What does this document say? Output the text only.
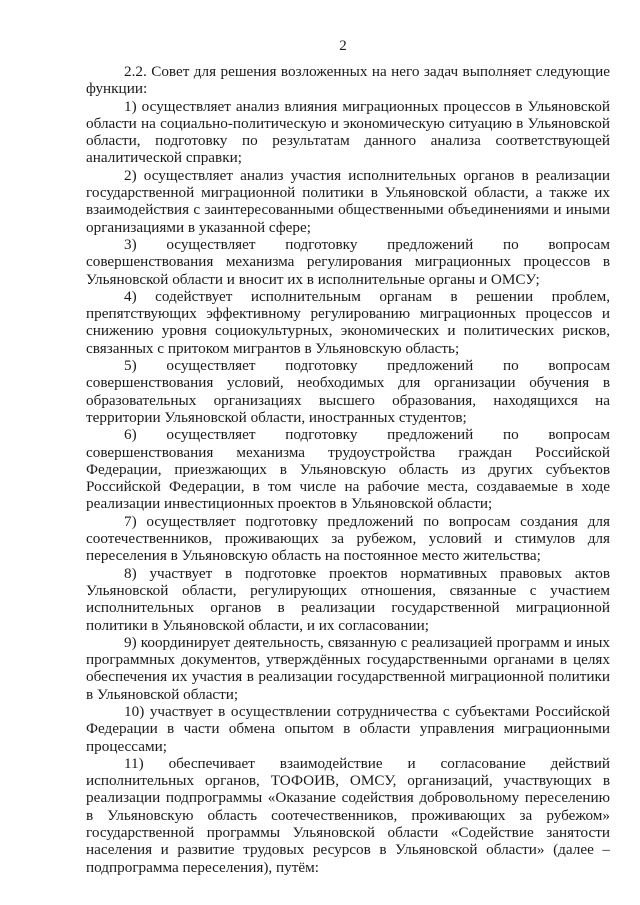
2

2.2. Совет для решения возложенных на него задач выполняет следующие функции:

1) осуществляет анализ влияния миграционных процессов в Ульяновской области на социально-политическую и экономическую ситуацию в Ульяновской области, подготовку по результатам данного анализа соответствующей аналитической справки;

2) осуществляет анализ участия исполнительных органов в реализации государственной миграционной политики в Ульяновской области, а также их взаимодействия с заинтересованными общественными объединениями и иными организациями в указанной сфере;

3) осуществляет подготовку предложений по вопросам совершенствования механизма регулирования миграционных процессов в Ульяновской области и вносит их в исполнительные органы и ОМСУ;

4) содействует исполнительным органам в решении проблем, препятствующих эффективному регулированию миграционных процессов и снижению уровня социокультурных, экономических и политических рисков, связанных с притоком мигрантов в Ульяновскую область;

5) осуществляет подготовку предложений по вопросам совершенствования условий, необходимых для организации обучения в образовательных организациях высшего образования, находящихся на территории Ульяновской области, иностранных студентов;

6) осуществляет подготовку предложений по вопросам совершенствования механизма трудоустройства граждан Российской Федерации, приезжающих в Ульяновскую область из других субъектов Российской Федерации, в том числе на рабочие места, создаваемые в ходе реализации инвестиционных проектов в Ульяновской области;

7) осуществляет подготовку предложений по вопросам создания для соотечественников, проживающих за рубежом, условий и стимулов для переселения в Ульяновскую область на постоянное место жительства;

8) участвует в подготовке проектов нормативных правовых актов Ульяновской области, регулирующих отношения, связанные с участием исполнительных органов в реализации государственной миграционной политики в Ульяновской области, и их согласовании;

9) координирует деятельность, связанную с реализацией программ и иных программных документов, утверждённых государственными органами в целях обеспечения их участия в реализации государственной миграционной политики в Ульяновской области;

10) участвует в осуществлении сотрудничества с субъектами Российской Федерации в части обмена опытом в области управления миграционными процессами;

11) обеспечивает взаимодействие и согласование действий исполнительных органов, ТОФОИВ, ОМСУ, организаций, участвующих в реализации подпрограммы «Оказание содействия добровольному переселению в Ульяновскую область соотечественников, проживающих за рубежом» государственной программы Ульяновской области «Содействие занятости населения и развитие трудовых ресурсов в Ульяновской области» (далее – подпрограмма переселения), путём:
